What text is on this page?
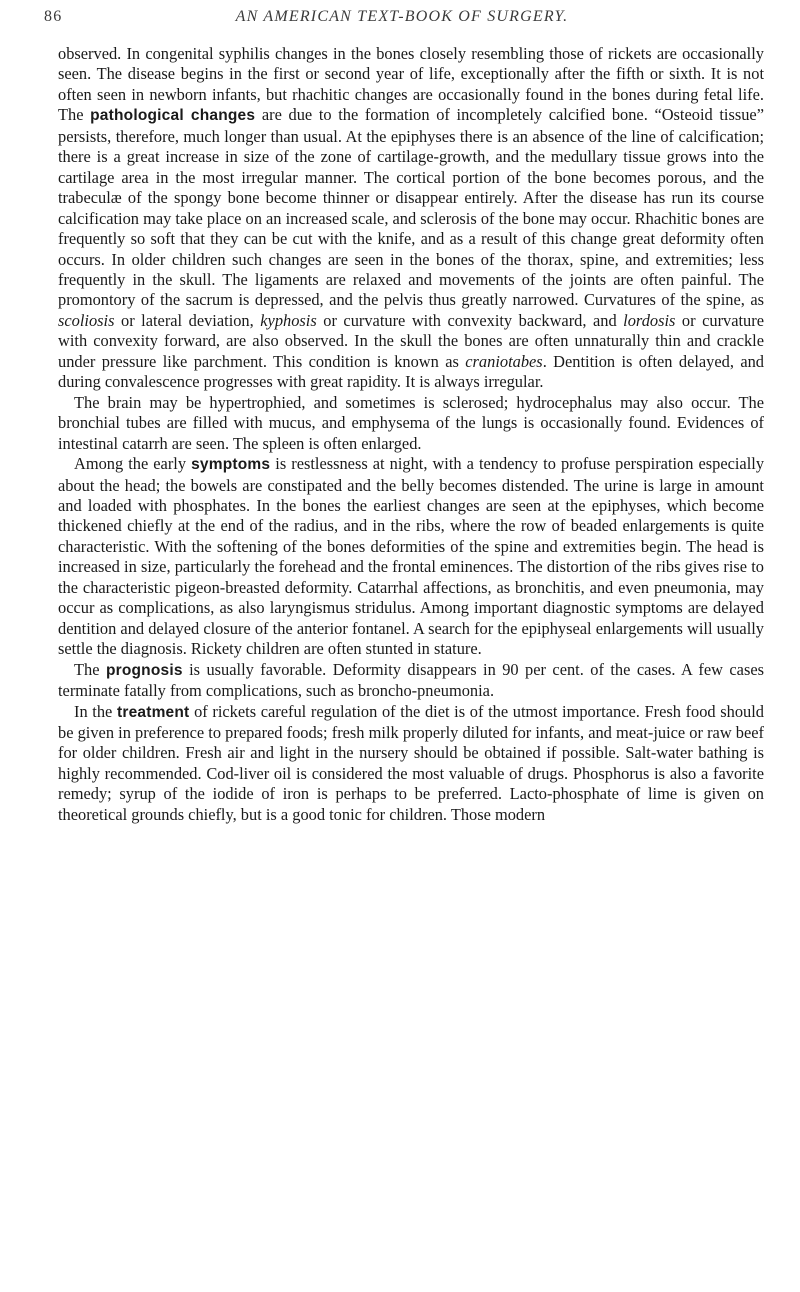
86	AN AMERICAN TEXT-BOOK OF SURGERY.

observed. In congenital syphilis changes in the bones closely resembling those of rickets are occasionally seen. The disease begins in the first or second year of life, exceptionally after the fifth or sixth. It is not often seen in newborn infants, but rhachitic changes are occasionally found in the bones during fetal life. The pathological changes are due to the formation of incompletely calcified bone. “Osteoid tissue” persists, therefore, much longer than usual. At the epiphyses there is an absence of the line of calcification; there is a great increase in size of the zone of cartilage-growth, and the medullary tissue grows into the cartilage area in the most irregular manner. The cortical portion of the bone becomes porous, and the trabeculæ of the spongy bone become thinner or disappear entirely. After the disease has run its course calcification may take place on an increased scale, and sclerosis of the bone may occur. Rhachitic bones are frequently so soft that they can be cut with the knife, and as a result of this change great deformity often occurs. In older children such changes are seen in the bones of the thorax, spine, and extremities; less frequently in the skull. The ligaments are relaxed and movements of the joints are often painful. The promontory of the sacrum is depressed, and the pelvis thus greatly narrowed. Curvatures of the spine, as scoliosis or lateral deviation, kyphosis or curvature with convexity backward, and lordosis or curvature with convexity forward, are also observed. In the skull the bones are often unnaturally thin and crackle under pressure like parchment. This condition is known as craniotabes. Dentition is often delayed, and during convalescence progresses with great rapidity. It is always irregular.

The brain may be hypertrophied, and sometimes is sclerosed; hydrocephalus may also occur. The bronchial tubes are filled with mucus, and emphysema of the lungs is occasionally found. Evidences of intestinal catarrh are seen. The spleen is often enlarged.

Among the early symptoms is restlessness at night, with a tendency to profuse perspiration especially about the head; the bowels are constipated and the belly becomes distended. The urine is large in amount and loaded with phosphates. In the bones the earliest changes are seen at the epiphyses, which become thickened chiefly at the end of the radius, and in the ribs, where the row of beaded enlargements is quite characteristic. With the softening of the bones deformities of the spine and extremities begin. The head is increased in size, particularly the forehead and the frontal eminences. The distortion of the ribs gives rise to the characteristic pigeon-breasted deformity. Catarrhal affections, as bronchitis, and even pneumonia, may occur as complications, as also laryngismus stridulus. Among important diagnostic symptoms are delayed dentition and delayed closure of the anterior fontanel. A search for the epiphyseal enlargements will usually settle the diagnosis. Rickety children are often stunted in stature.

The prognosis is usually favorable. Deformity disappears in 90 per cent. of the cases. A few cases terminate fatally from complications, such as broncho-pneumonia.

In the treatment of rickets careful regulation of the diet is of the utmost importance. Fresh food should be given in preference to prepared foods; fresh milk properly diluted for infants, and meat-juice or raw beef for older children. Fresh air and light in the nursery should be obtained if possible. Salt-water bathing is highly recommended. Cod-liver oil is considered the most valuable of drugs. Phosphorus is also a favorite remedy; syrup of the iodide of iron is perhaps to be preferred. Lacto-phosphate of lime is given on theoretical grounds chiefly, but is a good tonic for children. Those modern
